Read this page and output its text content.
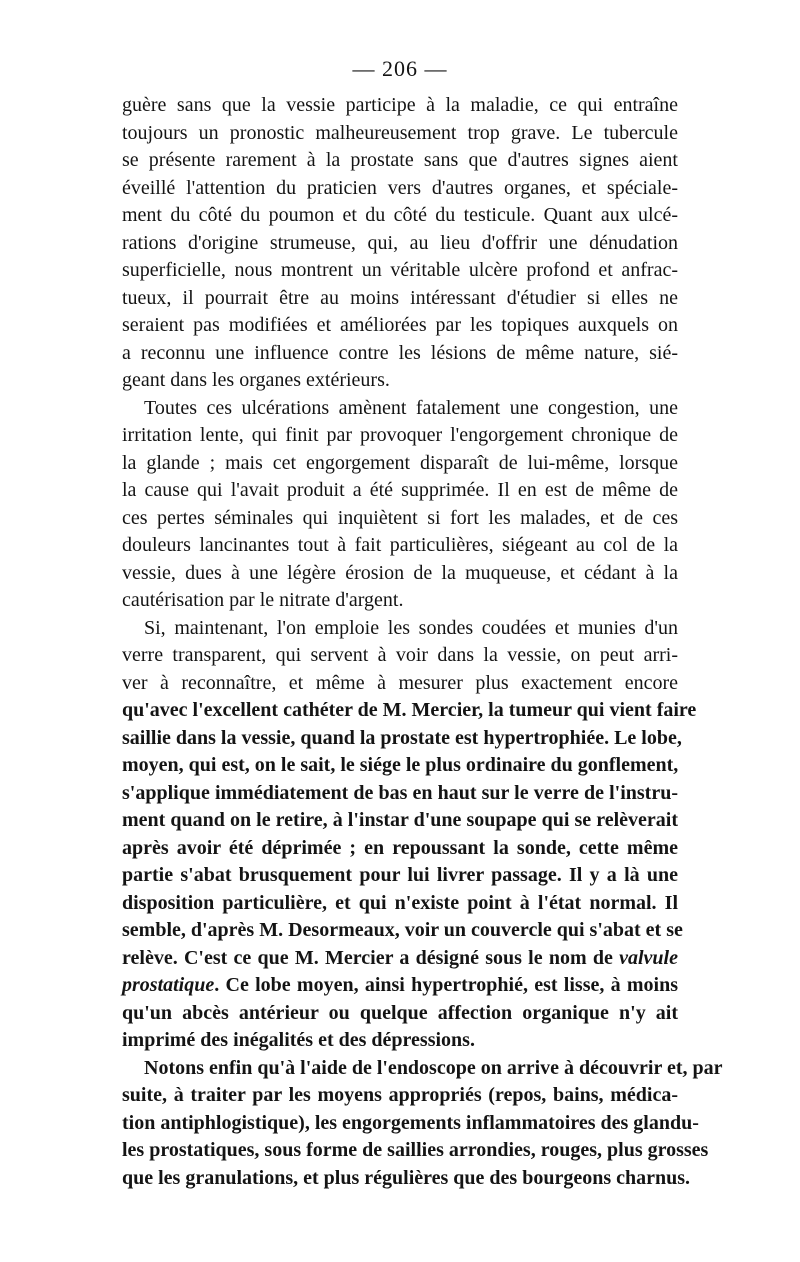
— 206 —
guère sans que la vessie participe à la maladie, ce qui entraîne
toujours un pronostic malheureusement trop grave. Le tubercule
se présente rarement à la prostate sans que d'autres signes aient
éveillé l'attention du praticien vers d'autres organes, et spéciale-
ment du côté du poumon et du côté du testicule. Quant aux ulcé-
rations d'origine strumeuse, qui, au lieu d'offrir une dénudation
superficielle, nous montrent un véritable ulcère profond et anfrac-
tueux, il pourrait être au moins intéressant d'étudier si elles ne
seraient pas modifiées et améliorées par les topiques auxquels on
a reconnu une influence contre les lésions de même nature, sié-
geant dans les organes extérieurs.
Toutes ces ulcérations amènent fatalement une congestion, une
irritation lente, qui finit par provoquer l'engorgement chronique de
la glande ; mais cet engorgement disparaît de lui-même, lorsque
la cause qui l'avait produit a été supprimée. Il en est de même de
ces pertes séminales qui inquiètent si fort les malades, et de ces
douleurs lancinantes tout à fait particulières, siégeant au col de la
vessie, dues à une légère érosion de la muqueuse, et cédant à la
cautérisation par le nitrate d'argent.
Si, maintenant, l'on emploie les sondes coudées et munies d'un
verre transparent, qui servent à voir dans la vessie, on peut arri-
ver à reconnaître, et même à mesurer plus exactement encore
qu'avec l'excellent cathéter de M. Mercier, la tumeur qui vient faire
saillie dans la vessie, quand la prostate est hypertrophiée. Le lobe,
moyen, qui est, on le sait, le siége le plus ordinaire du gonflement,
s'applique immédiatement de bas en haut sur le verre de l'instru-
ment quand on le retire, à l'instar d'une soupape qui se relèverait
après avoir été déprimée ; en repoussant la sonde, cette même
partie s'abat brusquement pour lui livrer passage. Il y a là une
disposition particulière, et qui n'existe point à l'état normal. Il
semble, d'après M. Desormeaux, voir un couvercle qui s'abat et se
relève. C'est ce que M. Mercier a désigné sous le nom de valvule
prostatique. Ce lobe moyen, ainsi hypertrophié, est lisse, à moins
qu'un abcès antérieur ou quelque affection organique n'y ait
imprimé des inégalités et des dépressions.
Notons enfin qu'à l'aide de l'endoscope on arrive à découvrir et, par
suite, à traiter par les moyens appropriés (repos, bains, médica-
tion antiphlogistique), les engorgements inflammatoires des glandu-
les prostatiques, sous forme de saillies arrondies, rouges, plus grosses
que les granulations, et plus régulières que des bourgeons charnus.
